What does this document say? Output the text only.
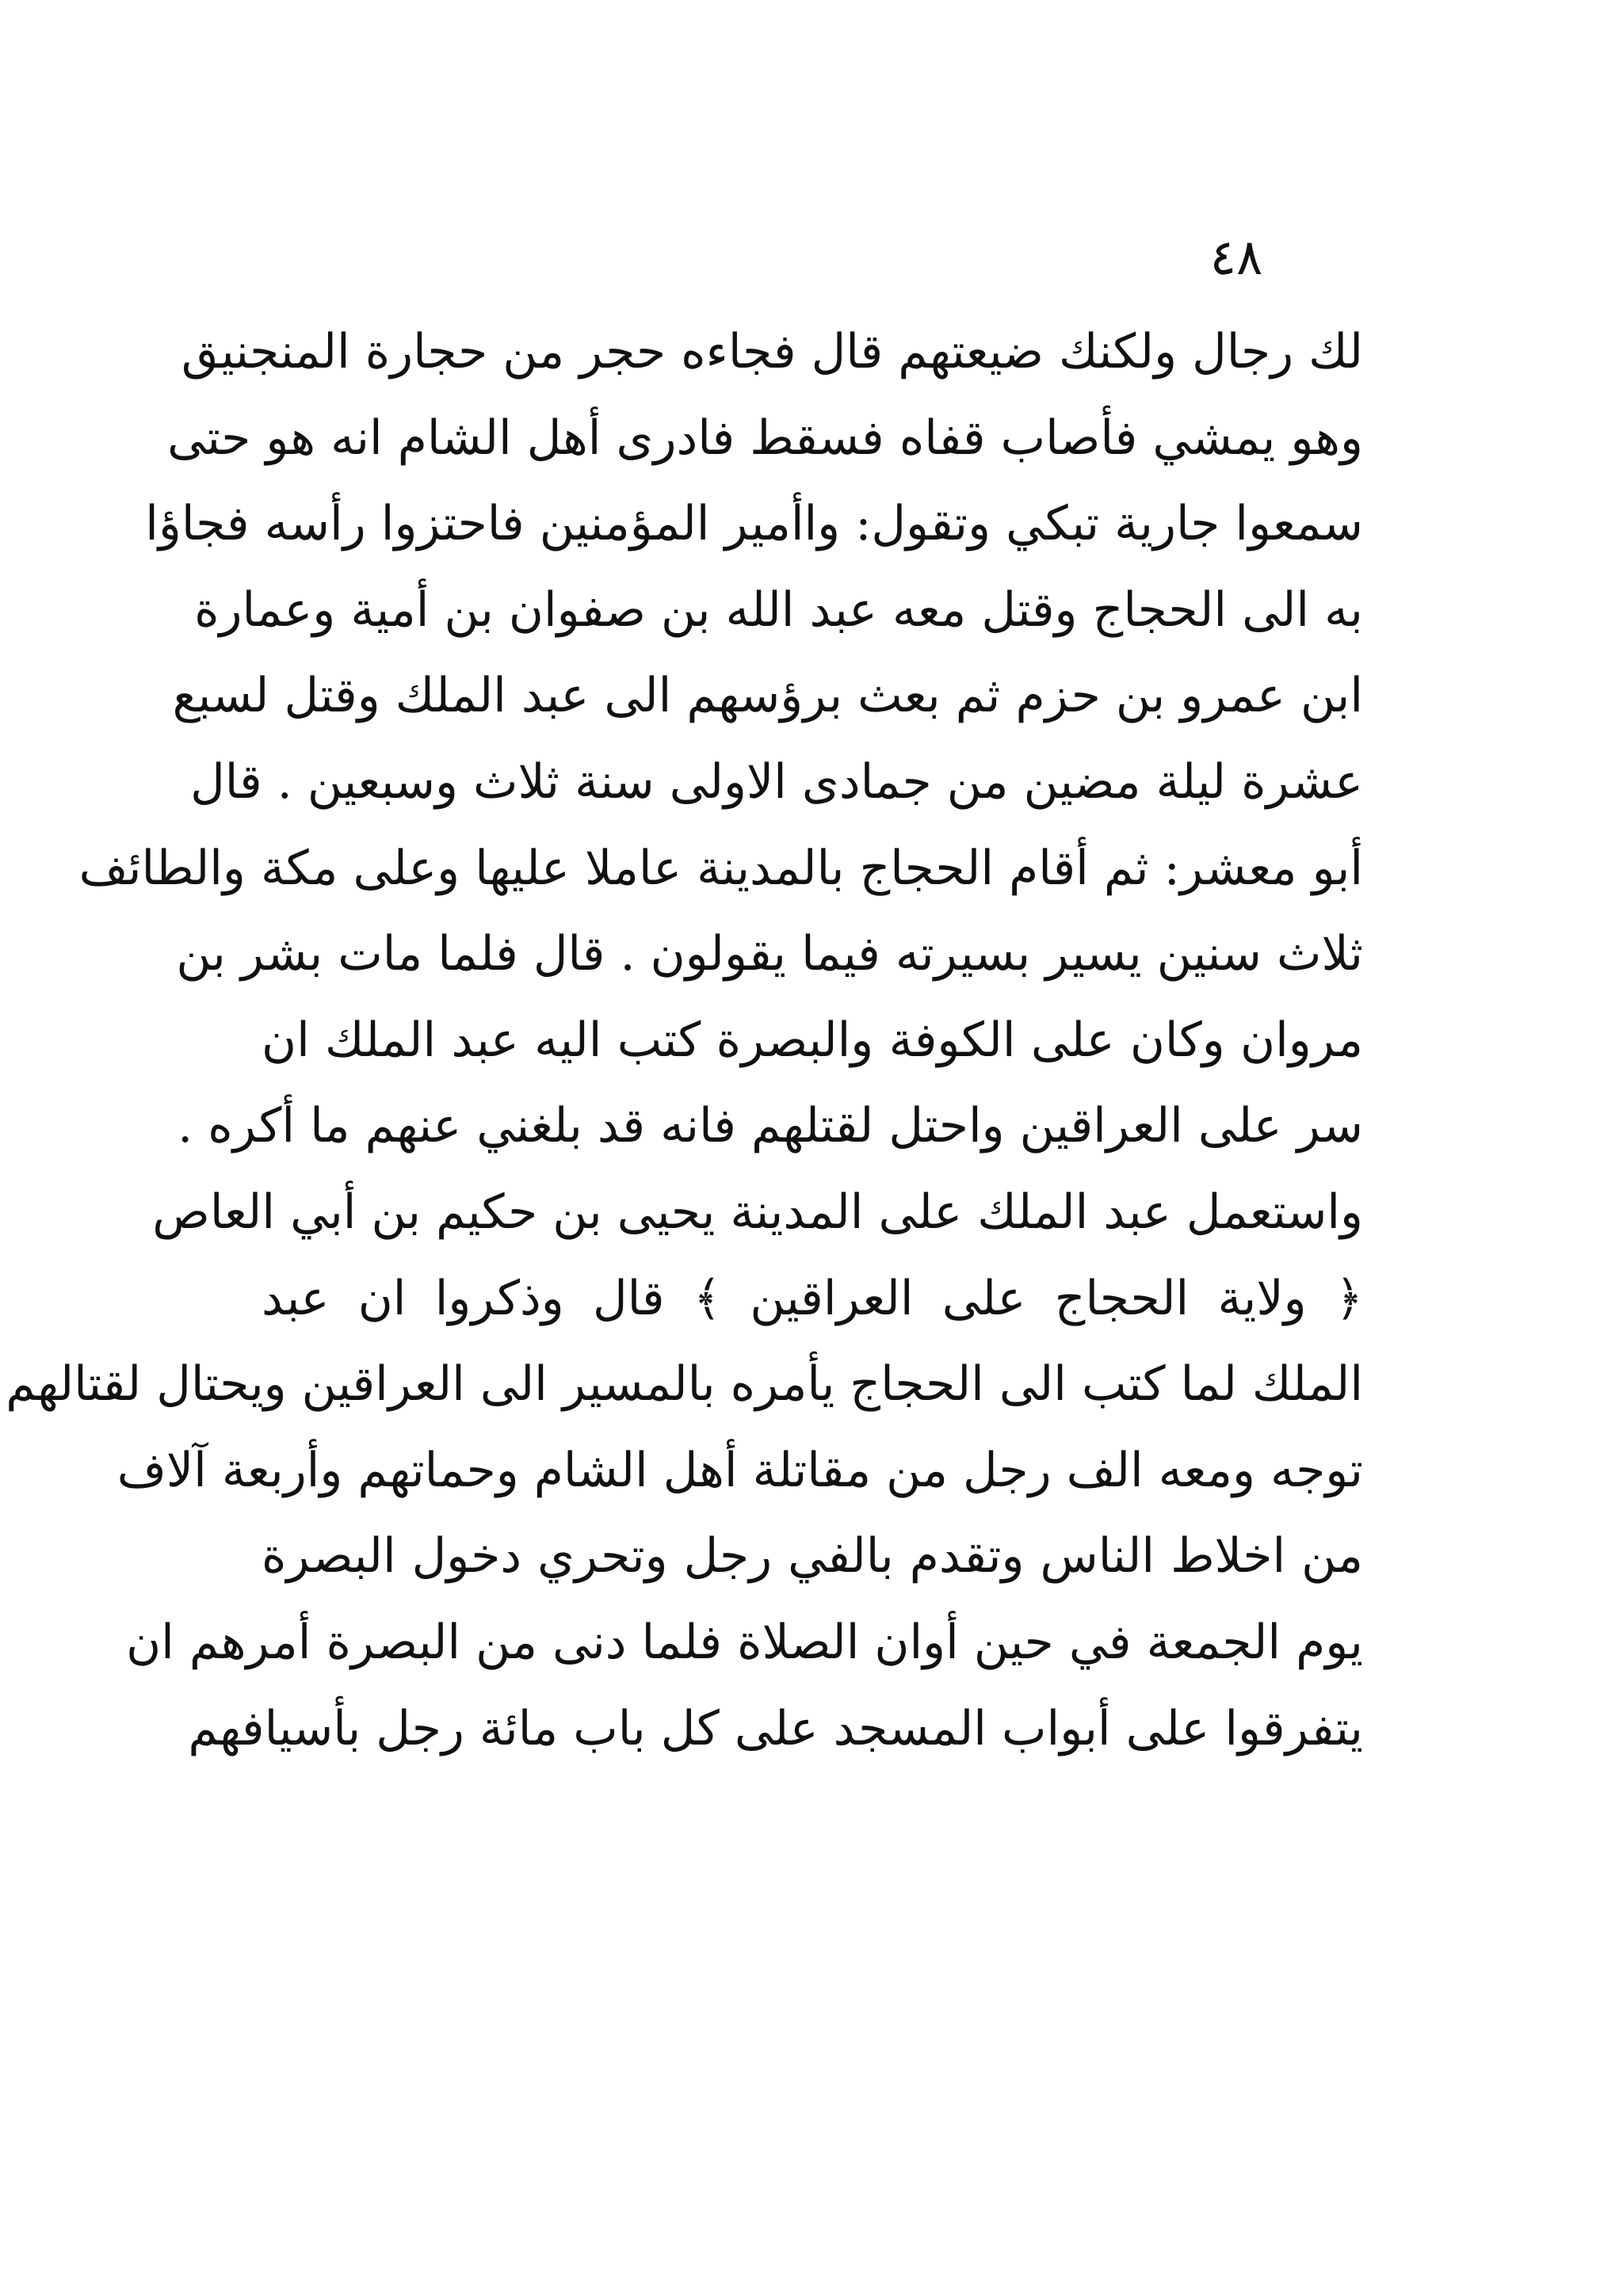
٤٨
لك رجال ولكنك ضيعتهم قال فجاءه حجر من حجارة المنجنيق
وهو يمشي فأصاب قفاه فسقط فادرى أهل الشام انه هو حتى
سمعوا جارية تبكي وتقول: واأمير المؤمنين فاحتزوا رأسه فجاؤا
به الى الحجاج وقتل معه عبد الله بن صفوان بن أمية وعمارة
ابن عمرو بن حزم ثم بعث برؤسهم الى عبد الملك وقتل لسبع
عشرة ليلة مضين من جمادى الاولى سنة ثلاث وسبعين . قال
أبو معشر: ثم أقام الحجاج بالمدينة عاملا عليها وعلى مكة والطائف
ثلاث سنين يسير بسيرته فيما يقولون . قال فلما مات بشر بن
مروان وكان على الكوفة والبصرة كتب اليه عبد الملك ان
سر على العراقين واحتل لقتلهم فانه قد بلغني عنهم ما أكره .
واستعمل عبد الملك على المدينة يحيى بن حكيم بن أبي العاص
﴿ ولاية الحجاج على العراقين ﴾ قال وذكروا ان عبد
الملك لما كتب الى الحجاج يأمره بالمسير الى العراقين ويحتال لقتالهم
توجه ومعه الف رجل من مقاتلة أهل الشام وحماتهم وأربعة آلاف
من اخلاط الناس وتقدم بالفي رجل وتحري دخول البصرة
يوم الجمعة في حين أوان الصلاة فلما دنى من البصرة أمرهم ان
يتفرقوا على أبواب المسجد على كل باب مائة رجل بأسيافهم
